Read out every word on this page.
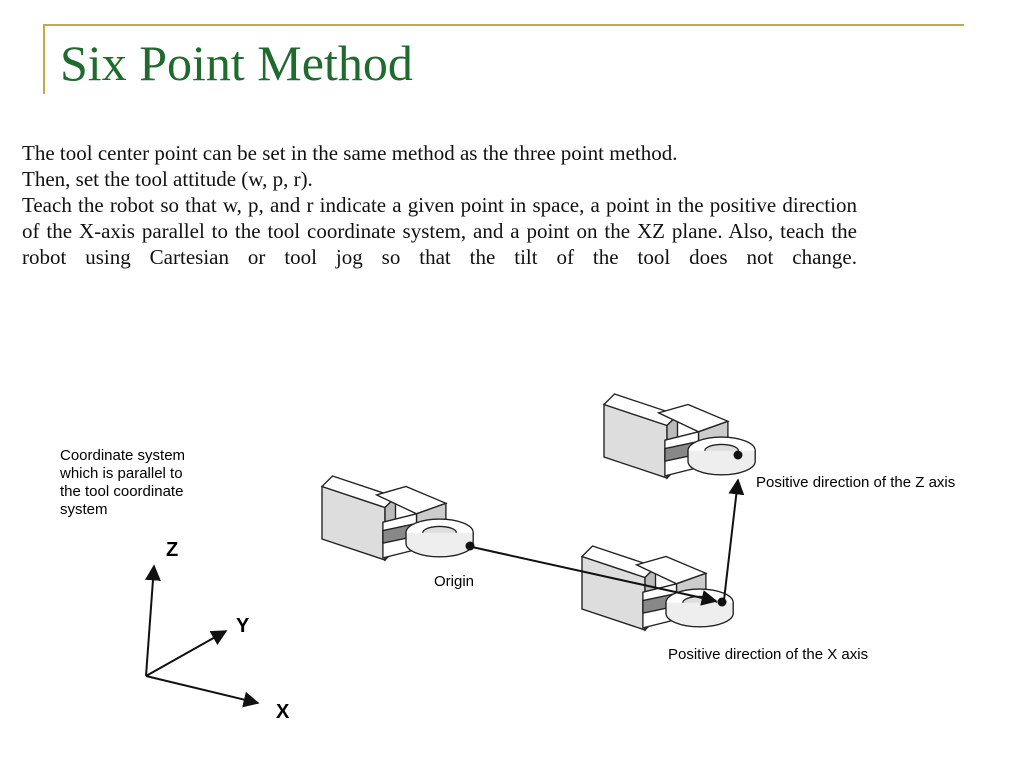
Six Point Method

The tool center point can be set in the same method as the three point method.

Then, set the tool attitude (w, p, r).

Teach the robot so that w, p, and r indicate a given point in space, a point in the positive direction of the X-axis parallel to the tool coordinate system, and a point on the XZ plane. Also, teach the robot using Cartesian or tool jog so that the tilt of the tool does not change.

Coordinate system
which is parallel to
the tool coordinate
system
Z
Y
X
Origin
Positive direction of the X axis
Positive direction of the Z axis
